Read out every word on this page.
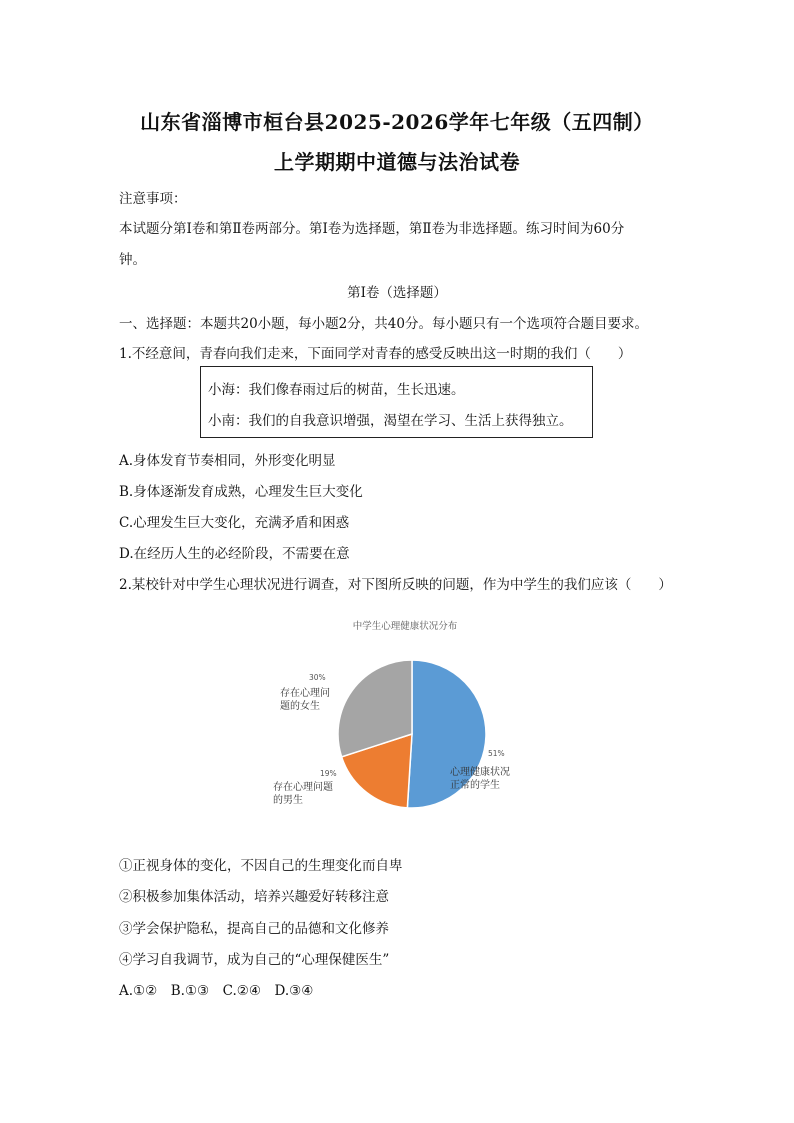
山东省淄博市桓台县2025-2026学年七年级（五四制）
上学期期中道德与法治试卷
注意事项：
本试题分第Ⅰ卷和第Ⅱ卷两部分。第Ⅰ卷为选择题，第Ⅱ卷为非选择题。练习时间为60分
钟。
第Ⅰ卷（选择题）
一、选择题：本题共20小题，每小题2分，共40分。每小题只有一个选项符合题目要求。
1.不经意间，青春向我们走来，下面同学对青春的感受反映出这一时期的我们（　　）
小海：我们像春雨过后的树苗，生长迅速。
小南：我们的自我意识增强，渴望在学习、生活上获得独立。
A.身体发育节奏相同，外形变化明显
B.身体逐渐发育成熟，心理发生巨大变化
C.心理发生巨大变化，充满矛盾和困惑
D.在经历人生的必经阶段，不需要在意
2.某校针对中学生心理状况进行调查，对下图所反映的问题，作为中学生的我们应该（　　）
中学生心理健康状况分布
51%
心理健康状况
正常的学生
19%
存在心理问题
的男生
30%
存在心理问
题的女生
①正视身体的变化，不因自己的生理变化而自卑
②积极参加集体活动，培养兴趣爱好转移注意
③学会保护隐私，提高自己的品德和文化修养
④学习自我调节，成为自己的“心理保健医生”
A.①②　B.①③　C.②④　D.③④
